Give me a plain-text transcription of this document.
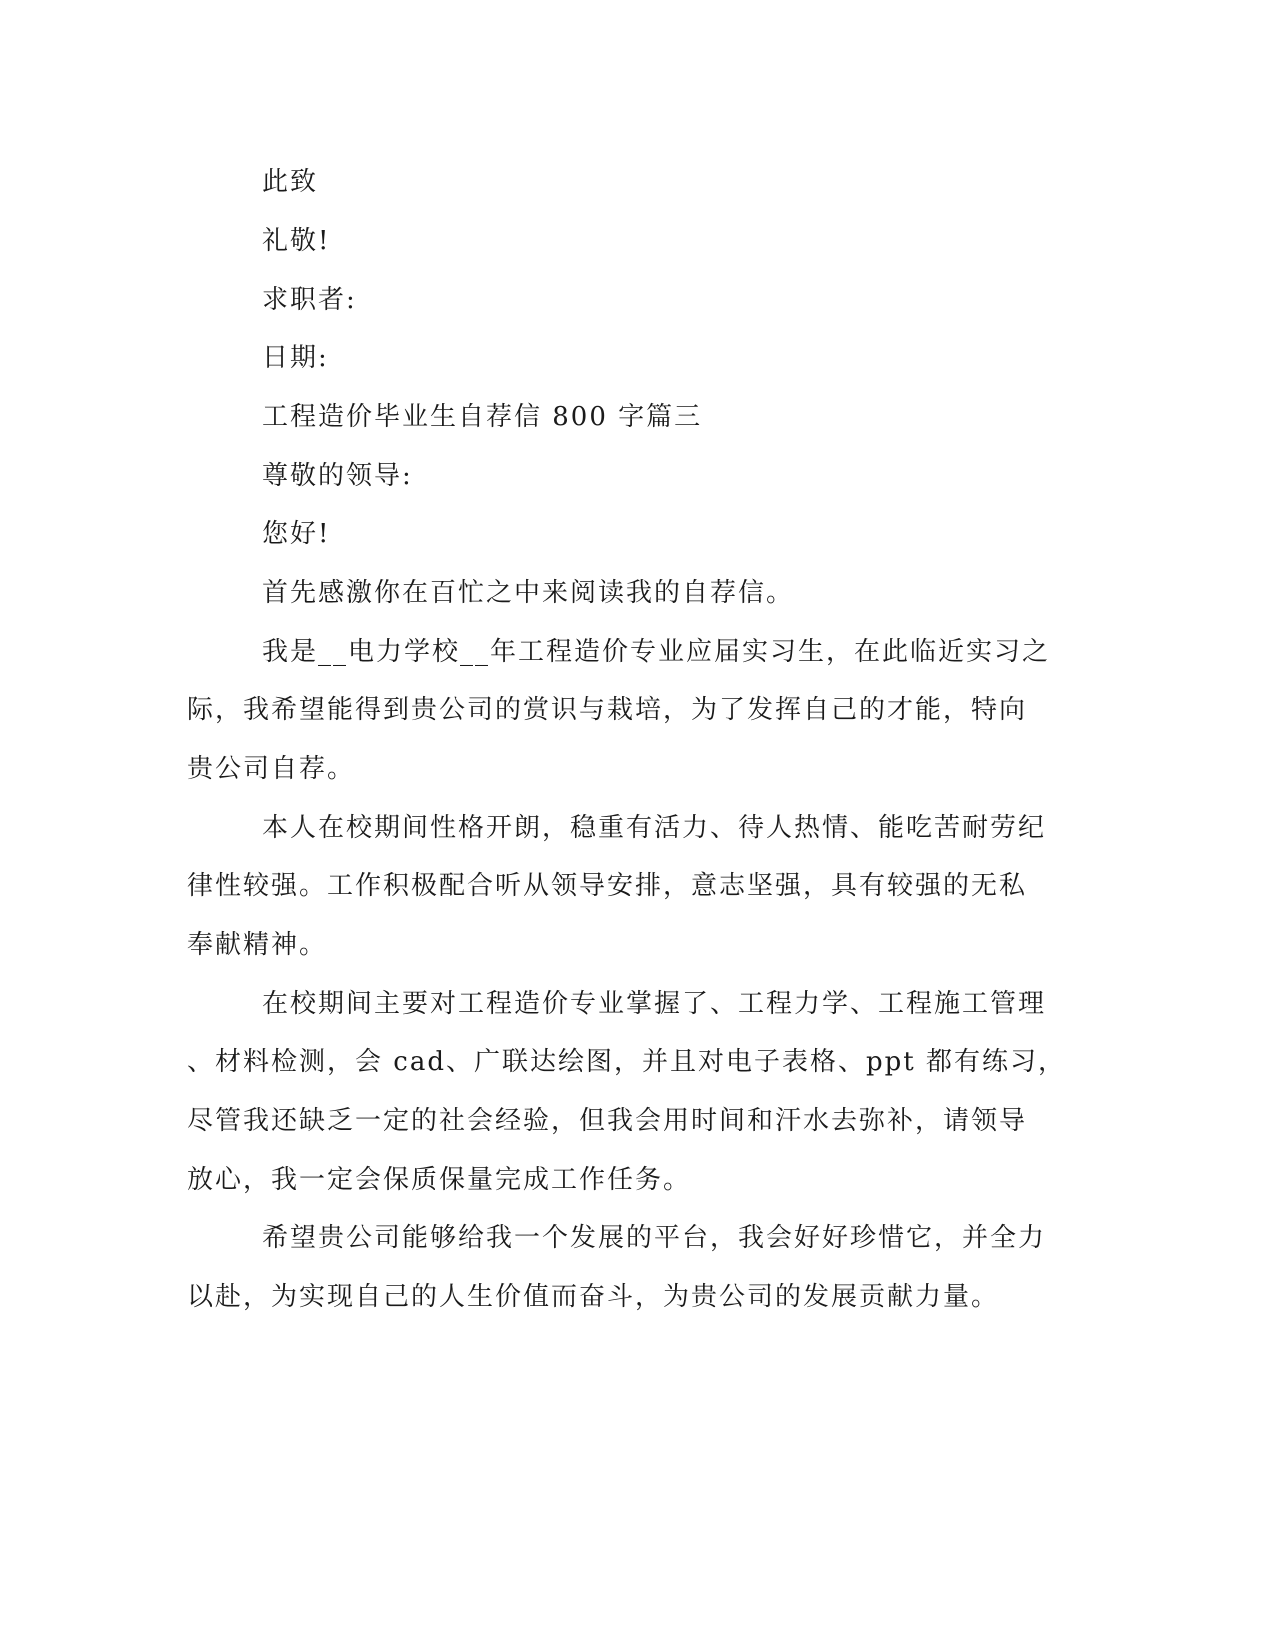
此致
礼敬!
求职者:
日期:
工程造价毕业生自荐信 800 字篇三
尊敬的领导:
您好!
首先感激你在百忙之中来阅读我的自荐信。
我是__电力学校__年工程造价专业应届实习生，在此临近实习之
际，我希望能得到贵公司的赏识与栽培，为了发挥自己的才能，特向
贵公司自荐。
本人在校期间性格开朗，稳重有活力、待人热情、能吃苦耐劳纪
律性较强。工作积极配合听从领导安排，意志坚强，具有较强的无私
奉献精神。
在校期间主要对工程造价专业掌握了、工程力学、工程施工管理
、材料检测，会 cad、广联达绘图，并且对电子表格、ppt 都有练习，
尽管我还缺乏一定的社会经验，但我会用时间和汗水去弥补，请领导
放心，我一定会保质保量完成工作任务。
希望贵公司能够给我一个发展的平台，我会好好珍惜它，并全力
以赴，为实现自己的人生价值而奋斗，为贵公司的发展贡献力量。
